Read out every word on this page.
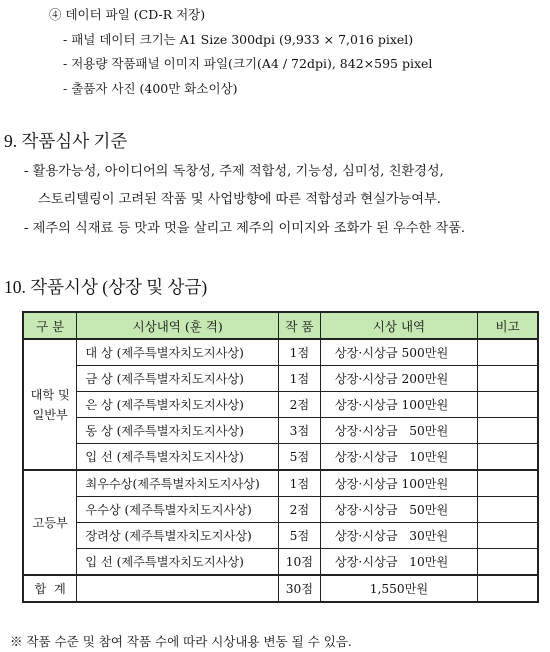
④ 데이터 파일 (CD-R 저장)
- 패널 데이터 크기는 A1 Size 300dpi (9,933 × 7,016 pixel)
- 저용량 작품패널 이미지 파일(크기(A4 / 72dpi), 842×595 pixel
- 출품자 사진 (400만 화소이상)
9. 작품심사 기준
- 활용가능성, 아이디어의 독창성, 주제 적합성, 기능성, 심미성, 친환경성,
스토리텔링이 고려된 작품 및 사업방향에 따른 적합성과 현실가능여부.
- 제주의 식재료 등 맛과 멋을 살리고 제주의 이미지와 조화가 된 우수한 작품.
10. 작품시상 (상장 및 상금)
구 분	시상내역 (훈 격)	작 품	시상 내역	비고

대학 및
일반부	대 상 (제주특별자치도지사상)	1점	상장·시상금 500만원	
	금 상 (제주특별자치도지사상)	1점	상장·시상금 200만원	
	은 상 (제주특별자치도지사상)	2점	상장·시상금 100만원	
	동 상 (제주특별자치도지사상)	3점	상장·시상금   50만원	
	입 선 (제주특별자치도지사상)	5점	상장·시상금   10만원	
고등부	최우수상(제주특별자치도지사상)	1점	상장·시상금 100만원	
	우수상 (제주특별자치도지사상)	2점	상장·시상금   50만원	
	장려상 (제주특별자치도지사상)	5점	상장·시상금   30만원	
	입 선 (제주특별자치도지사상)	10점	상장·시상금   10만원	
합  계		30점	1,550만원	
※ 작품 수준 및 참여 작품 수에 따라 시상내용 변동 될 수 있음.
